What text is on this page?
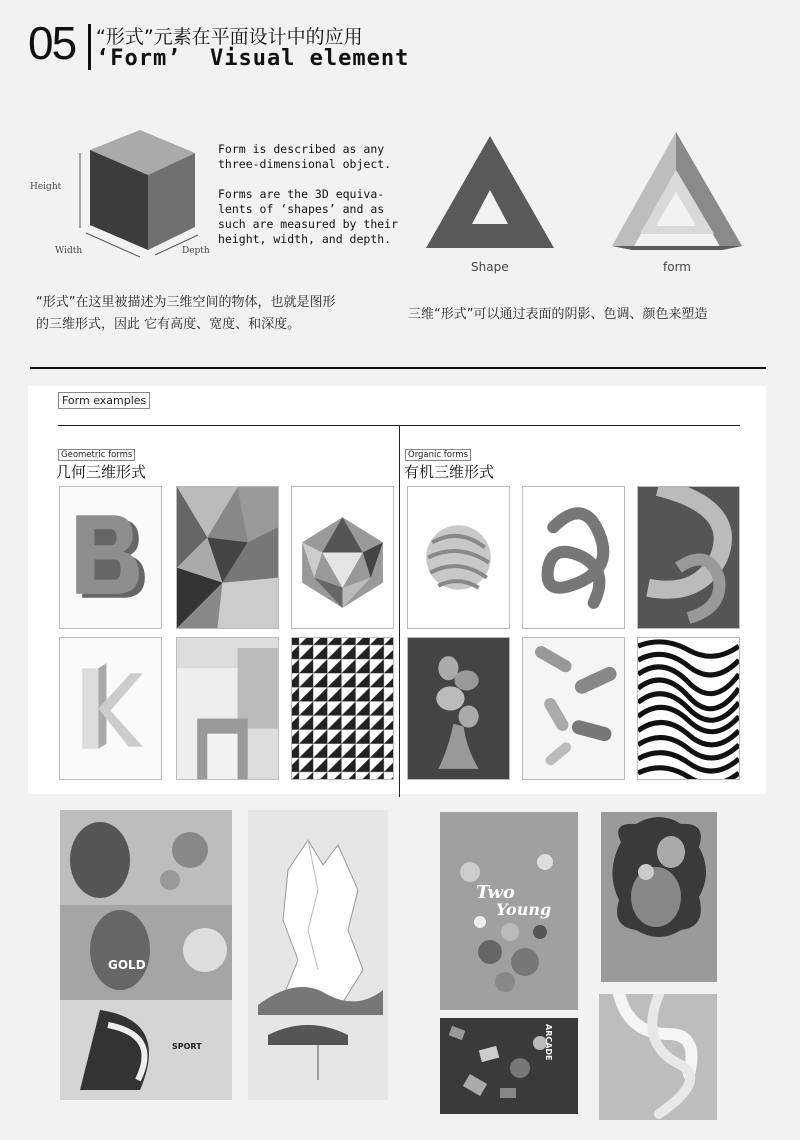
05 “形式”元素在平面设计中的应用
‘Form’  Visual element
Height
Width	Depth
Form is described as any
three-dimensional object.
Forms are the 3D equiva-
lents of ‘shapes’ and as
such are measured by their
height, width, and depth.
Shape	form
“形式”在这里被描述为三维空间的物体，也就是图形
的三维形式，因此 它有高度、宽度、和深度。
三维“形式”可以通过表面的阴影、色调、颜色来塑造
Form examples
Geometric forms
几何三维形式
Organic forms
有机三维形式
GOLD
SPORT
Two
Young
ARCADE
